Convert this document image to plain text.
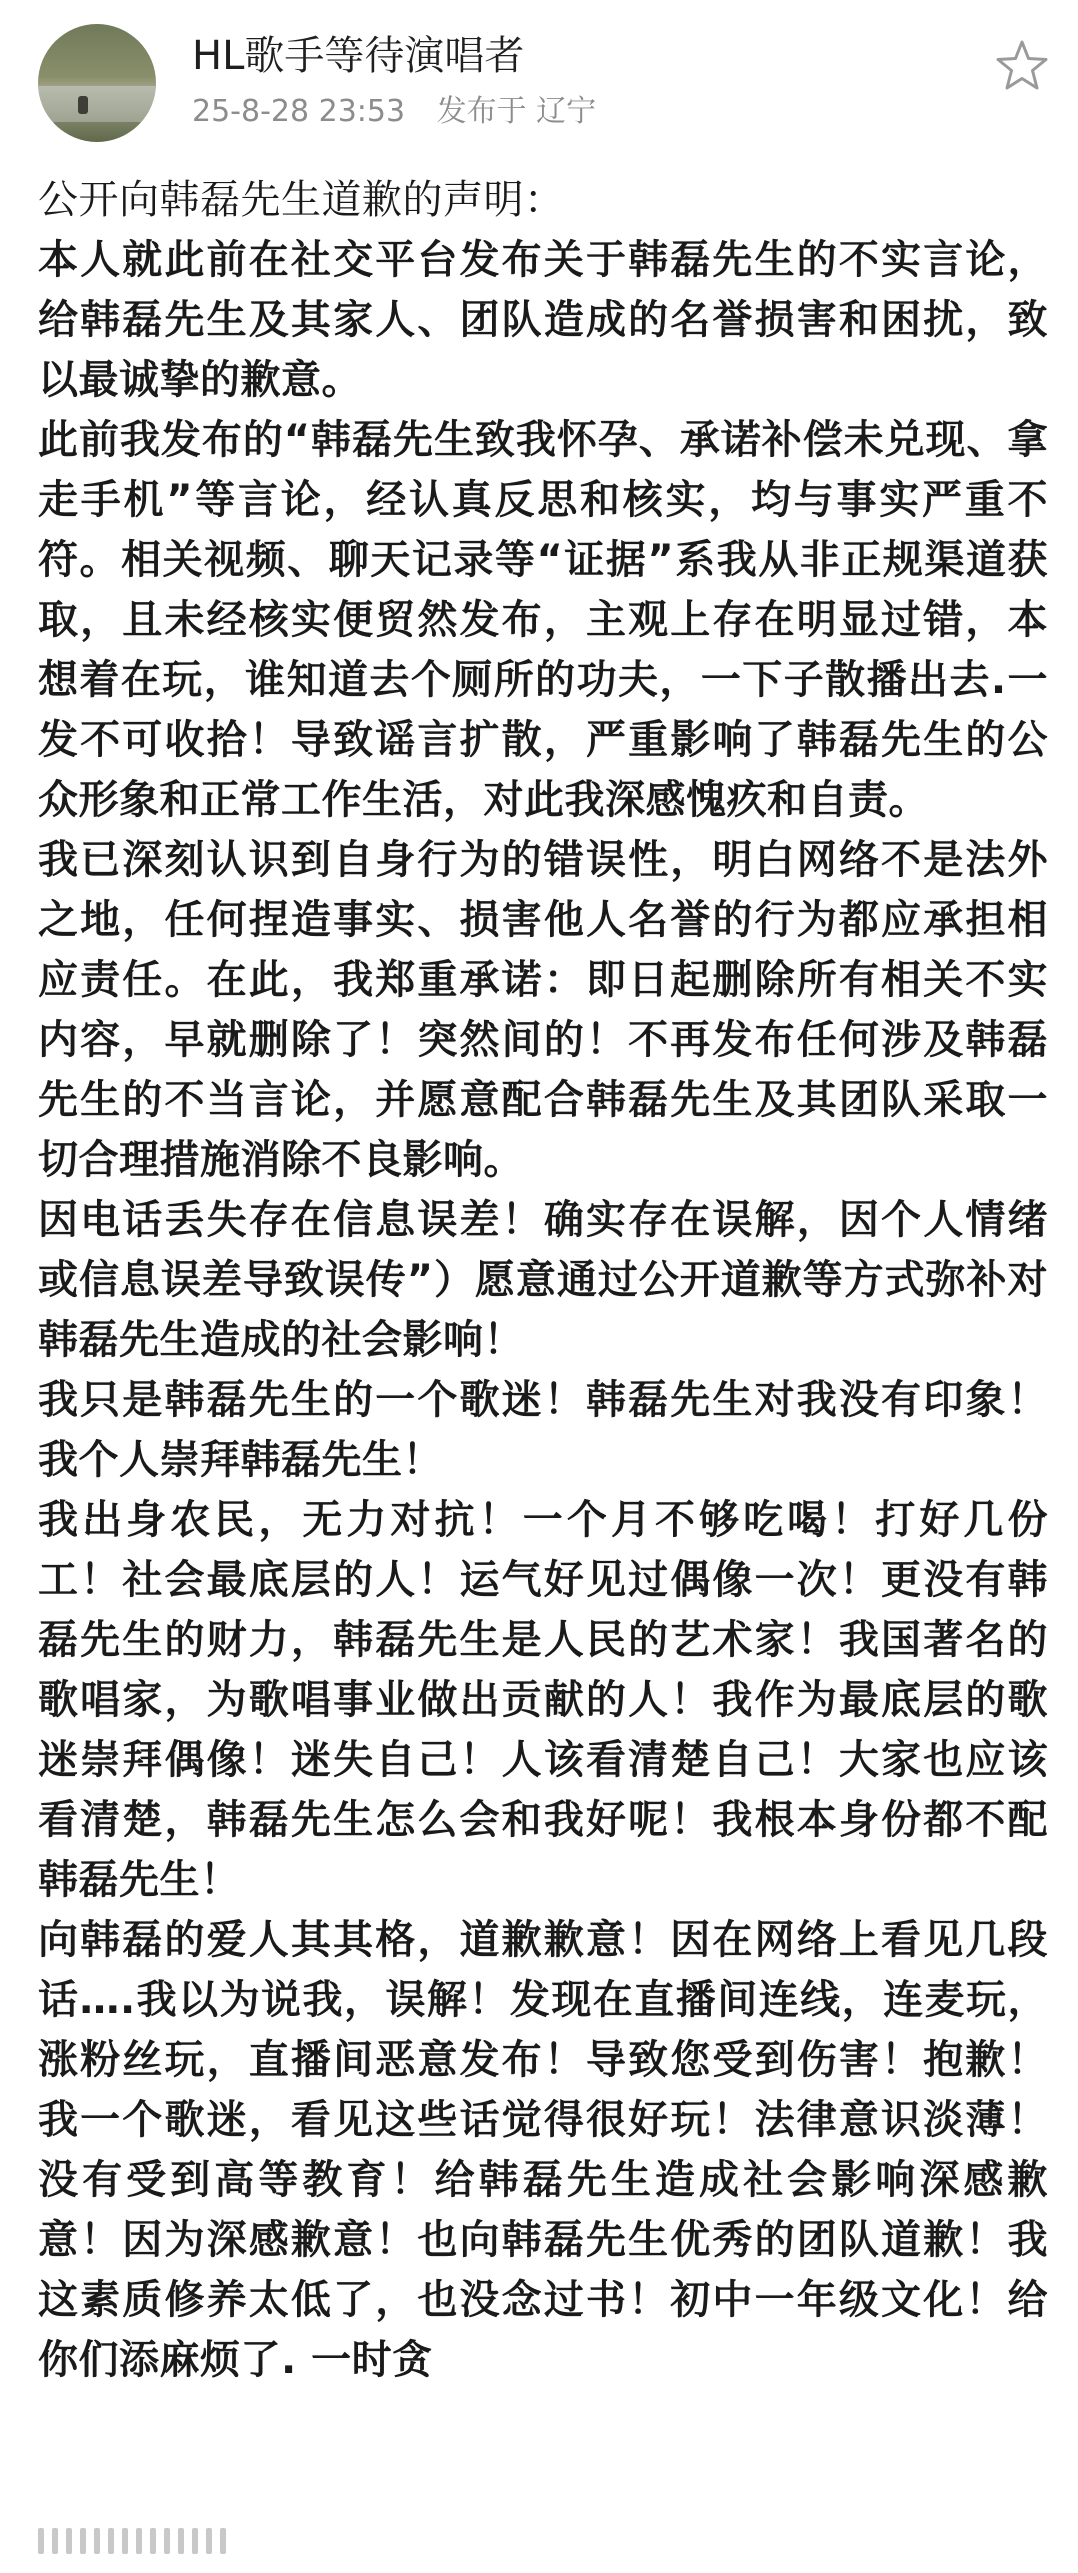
HL歌手等待演唱者
25-8-28 23:53 发布于 辽宁

公开向韩磊先生道歉的声明：

本人就此前在社交平台发布关于韩磊先生的不实言论，给韩磊先生及其家人、团队造成的名誉损害和困扰，致以最诚挚的歉意。

此前我发布的“韩磊先生致我怀孕、承诺补偿未兑现、拿走手机”等言论，经认真反思和核实，均与事实严重不符。相关视频、聊天记录等“证据”系我从非正规渠道获取，且未经核实便贸然发布，主观上存在明显过错，本想着在玩，谁知道去个厕所的功夫，一下子散播出去.一发不可收拾！导致谣言扩散，严重影响了韩磊先生的公众形象和正常工作生活，对此我深感愧疚和自责。

我已深刻认识到自身行为的错误性，明白网络不是法外之地，任何捏造事实、损害他人名誉的行为都应承担相应责任。在此，我郑重承诺：即日起删除所有相关不实内容，早就删除了！突然间的！不再发布任何涉及韩磊先生的不当言论，并愿意配合韩磊先生及其团队采取一切合理措施消除不良影响。

因电话丢失存在信息误差！确实存在误解，因个人情绪或信息误差导致误传”）愿意通过公开道歉等方式弥补对韩磊先生造成的社会影响！

我只是韩磊先生的一个歌迷！韩磊先生对我没有印象！我个人崇拜韩磊先生！

我出身农民，无力对抗！一个月不够吃喝！打好几份工！社会最底层的人！运气好见过偶像一次！更没有韩磊先生的财力，韩磊先生是人民的艺术家！我国著名的歌唱家，为歌唱事业做出贡献的人！我作为最底层的歌迷崇拜偶像！迷失自己！人该看清楚自己！大家也应该看清楚，韩磊先生怎么会和我好呢！我根本身份都不配韩磊先生！

向韩磊的爱人其其格，道歉歉意！因在网络上看见几段话….我以为说我，误解！发现在直播间连线，连麦玩，涨粉丝玩，直播间恶意发布！导致您受到伤害！抱歉！我一个歌迷，看见这些话觉得很好玩！法律意识淡薄！没有受到高等教育！给韩磊先生造成社会影响深感歉意！因为深感歉意！也向韩磊先生优秀的团队道歉！我这素质修养太低了，也没念过书！初中一年级文化！给你们添麻烦了. 一时贪
